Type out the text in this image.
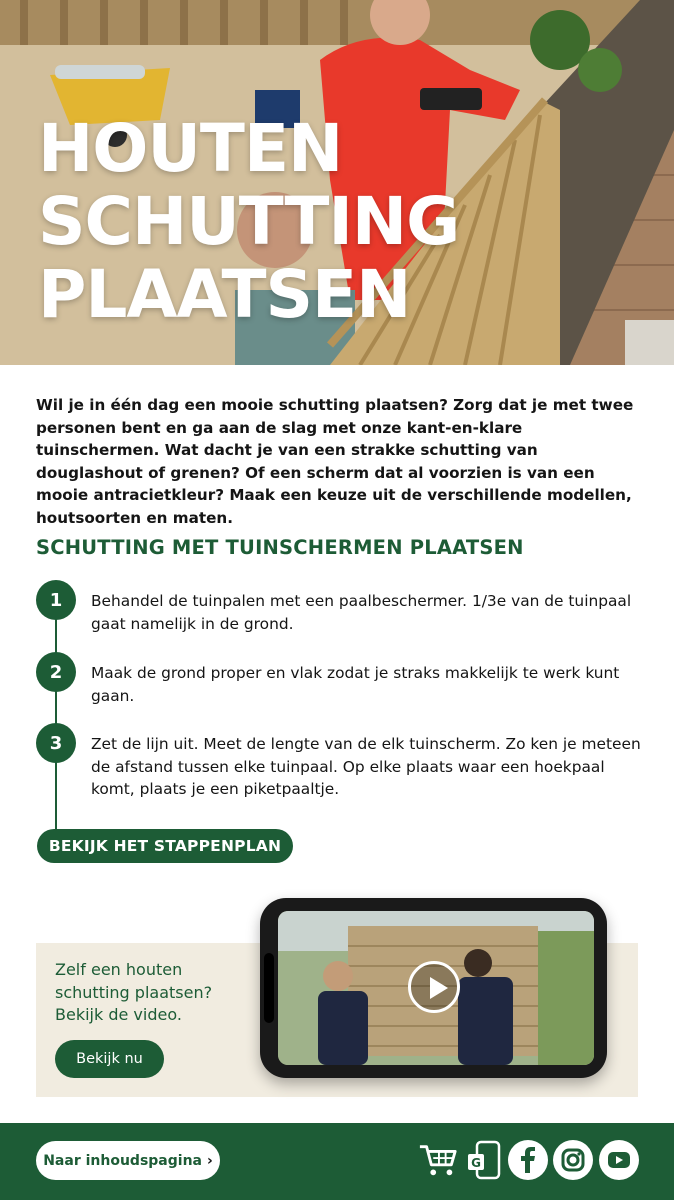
HOUTEN
SCHUTTING
PLAATSEN

Wil je in één dag een mooie schutting plaatsen? Zorg dat je met twee personen bent en ga aan de slag met onze kant-en-klare tuinschermen. Wat dacht je van een strakke schutting van douglashout of grenen? Of een scherm dat al voorzien is van een mooie antracietkleur? Maak een keuze uit de verschillende modellen, houtsoorten en maten.

SCHUTTING MET TUINSCHERMEN PLAATSEN
1	Behandel de tuinpalen met een paalbeschermer. 1/3e van de tuinpaal gaat namelijk in de grond.
2	Maak de grond proper en vlak zodat je straks makkelijk te werk kunt gaan.
3	Zet de lijn uit. Meet de lengte van de elk tuinscherm. Zo ken je meteen de afstand tussen elke tuinpaal. Op elke plaats waar een hoekpaal komt, plaats je een piketpaaltje.
BEKIJK HET STAPPENPLAN

Zelf een houten schutting plaatsen? Bekijk de video.

Bekijk nu
Naar inhoudspagina ›	G
